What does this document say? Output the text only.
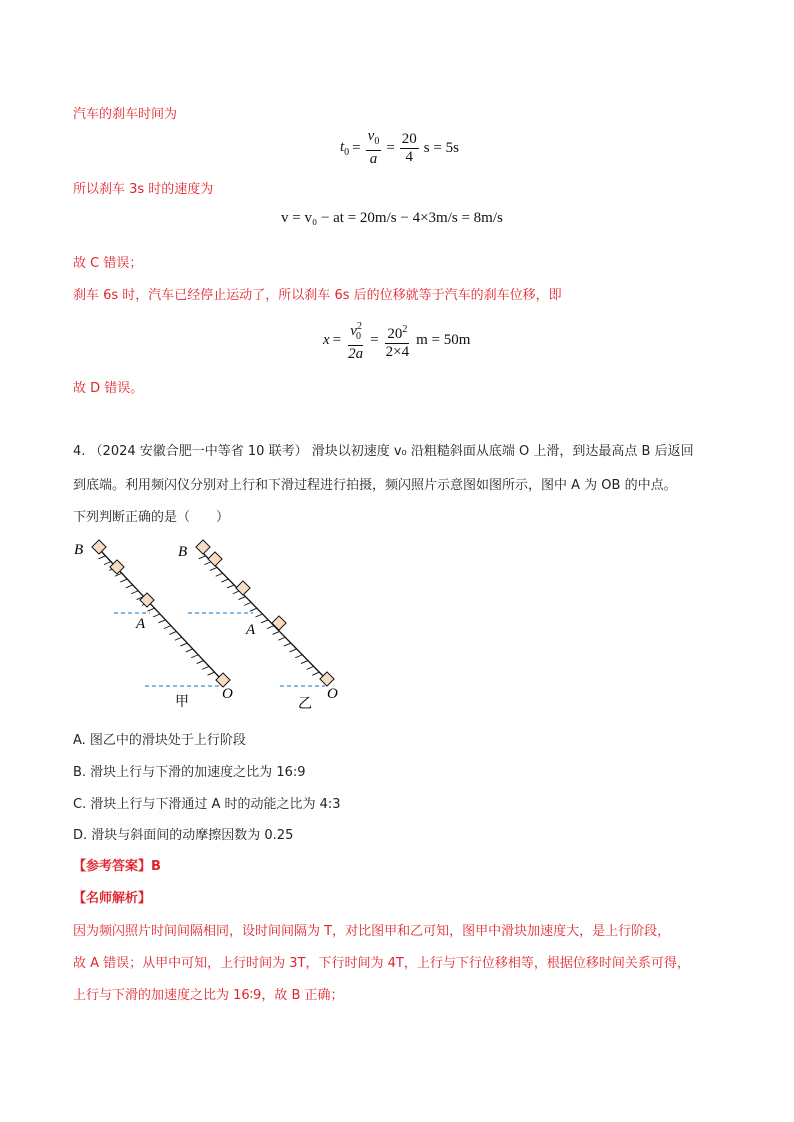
汽车的刹车时间为
$t_0 = \frac{v_0}{a} = \frac{20}{4}$ s = 5s
所以刹车 3s 时的速度为
v = v₀ − at = 20m/s − 4×3m/s = 8m/s
故 C 错误；
刹车 6s 时，汽车已经停止运动了，所以刹车 6s 后的位移就等于汽车的刹车位移，即
$x = \frac{v^2_0}{2a} = \frac{20^2}{2\times 4}$ m = 50m
故 D 错误。
4. （2024 安徽合肥一中等省 10 联考） 滑块以初速度 v₀ 沿粗糙斜面从底端 O 上滑，到达最高点 B 后返回
到底端。利用频闪仪分别对上行和下滑过程进行拍摄，频闪照片示意图如图所示，图中 A 为 OB 的中点。
下列判断正确的是（　　）
B
A
O
甲
B
A
O
乙
A. 图乙中的滑块处于上行阶段
B. 滑块上行与下滑的加速度之比为 16:9
C. 滑块上行与下滑通过 A 时的动能之比为 4:3
D. 滑块与斜面间的动摩擦因数为 0.25
【参考答案】B
【名师解析】
因为频闪照片时间间隔相同，设时间间隔为 T，对比图甲和乙可知，图甲中滑块加速度大，是上行阶段，
故 A 错误；从甲中可知，上行时间为 3T，下行时间为 4T，上行与下行位移相等，根据位移时间关系可得，
上行与下滑的加速度之比为 16∶9，故 B 正确；
